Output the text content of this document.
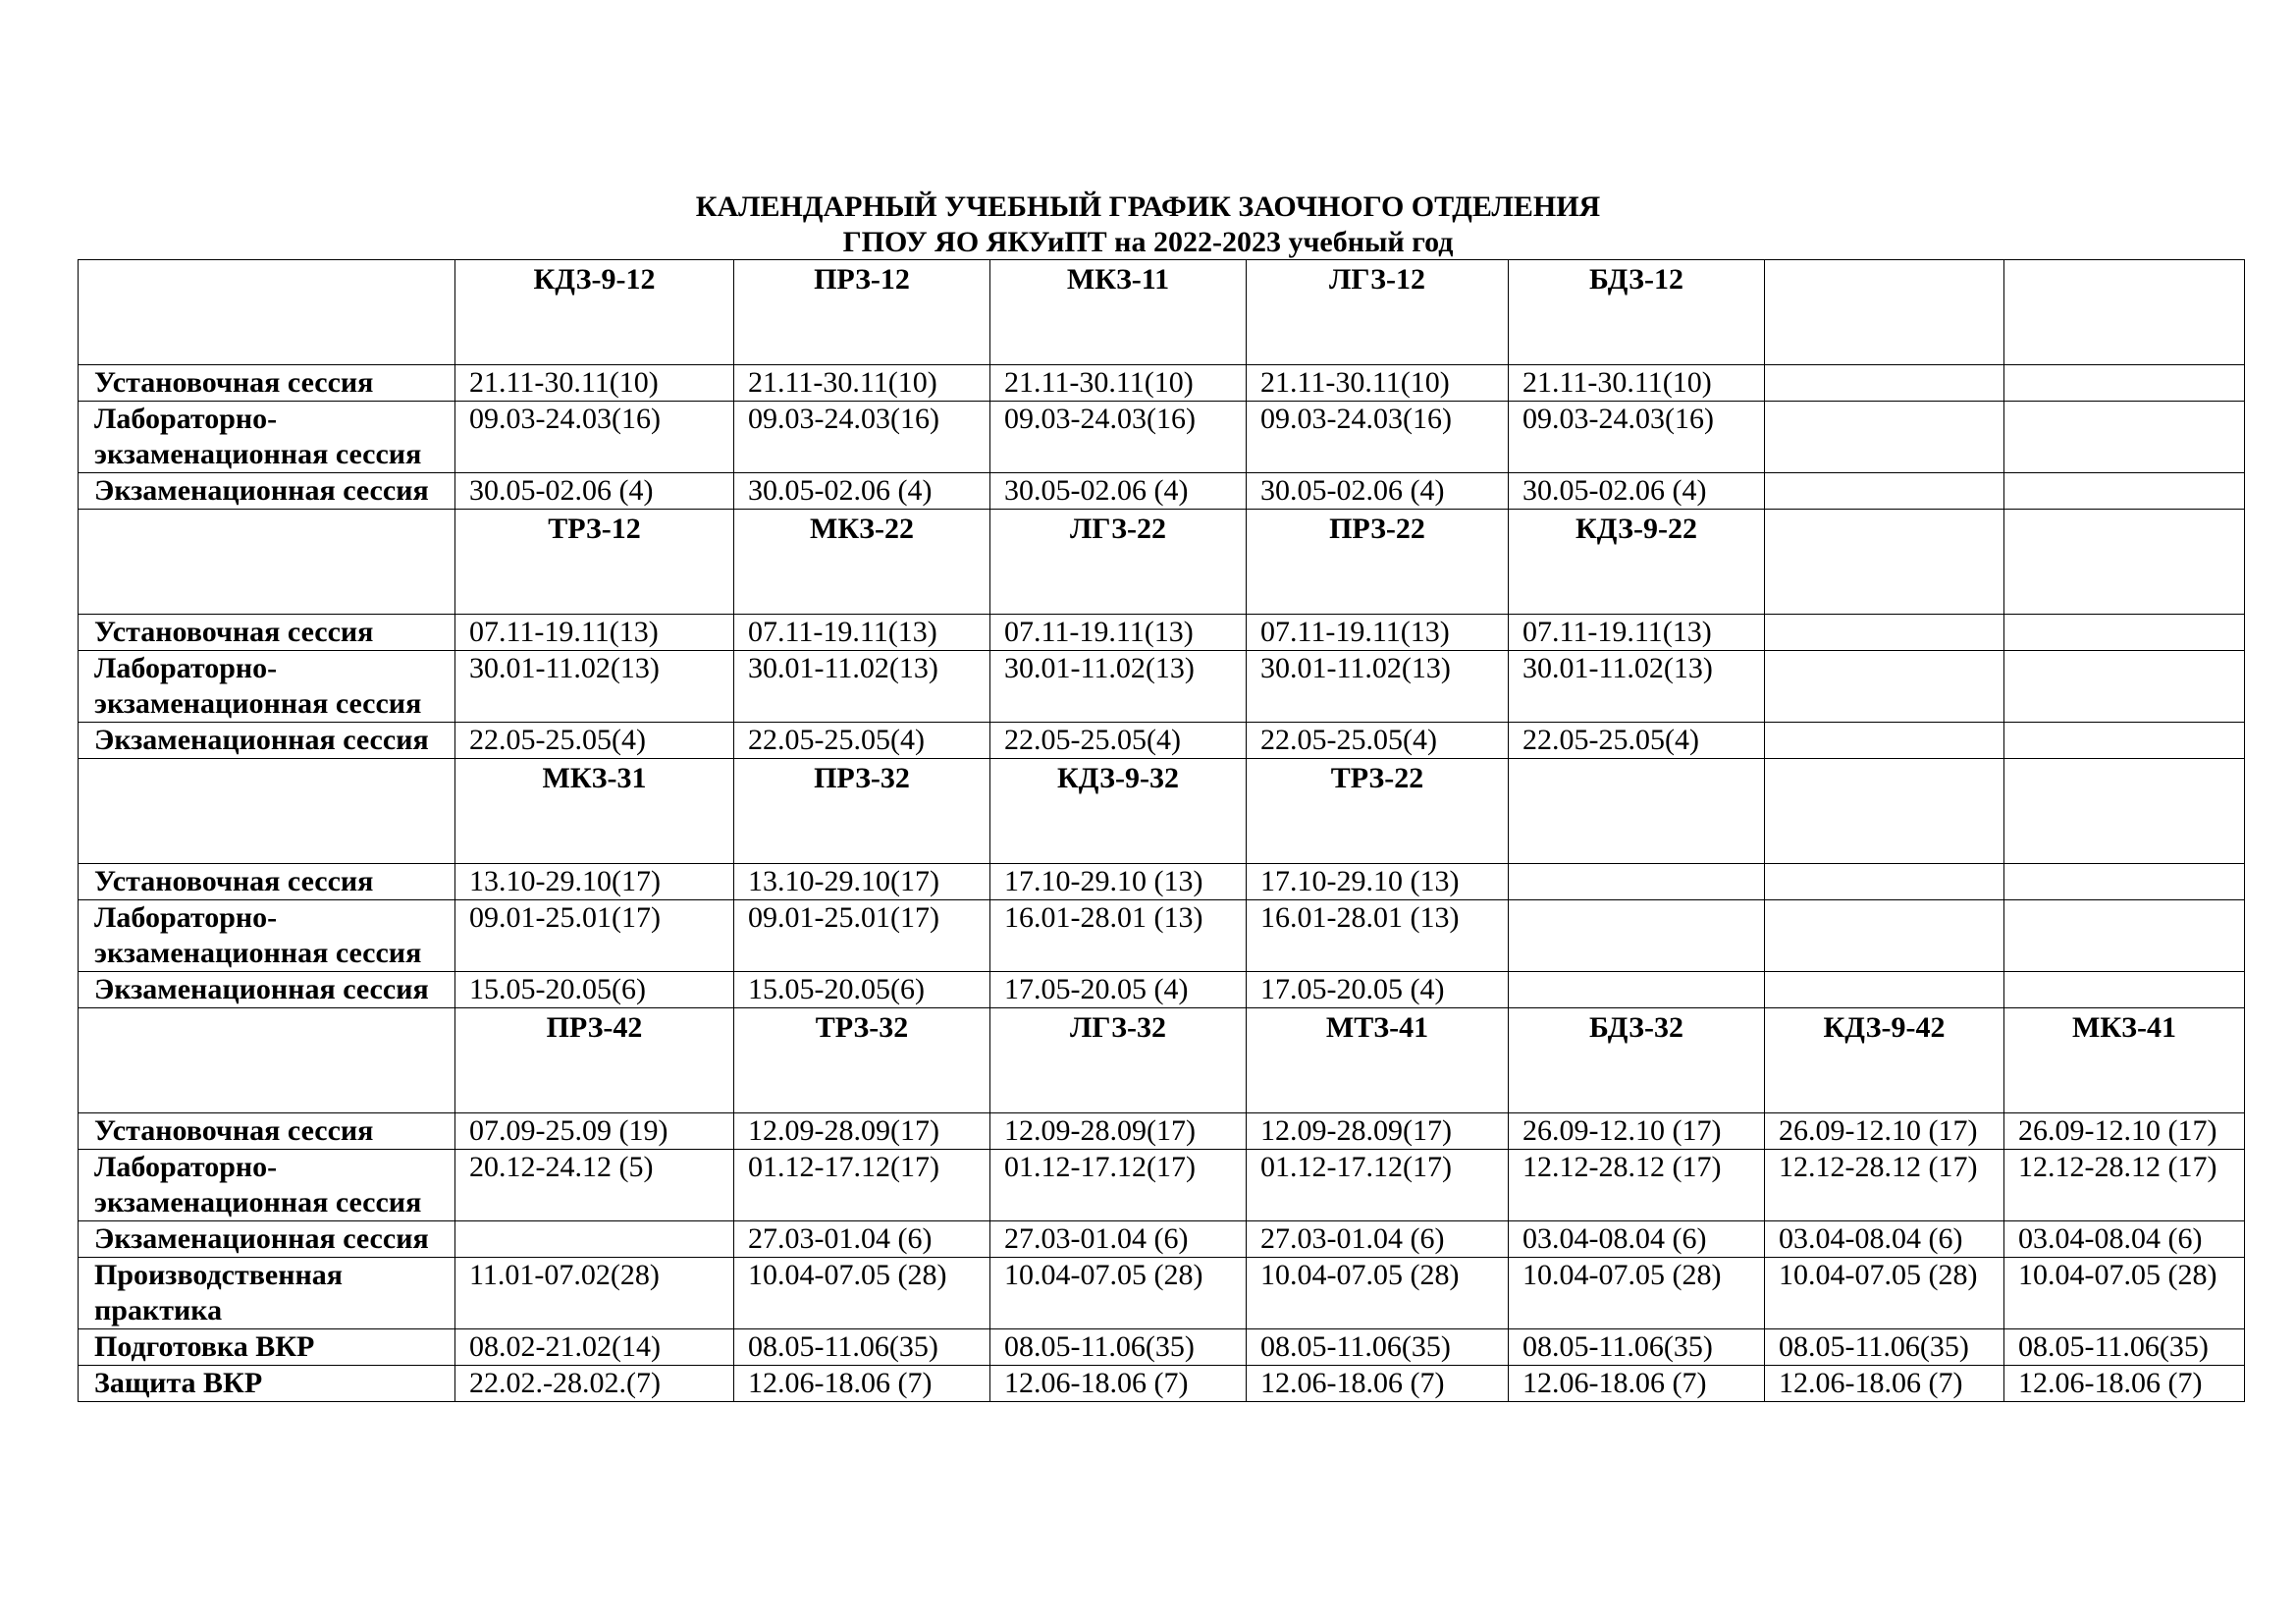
КАЛЕНДАРНЫЙ УЧЕБНЫЙ ГРАФИК ЗАОЧНОГО ОТДЕЛЕНИЯ
ГПОУ ЯО ЯКУиПТ на 2022-2023 учебный год
	КДЗ-9-12	ПРЗ-12	МКЗ-11	ЛГЗ-12	БДЗ-12		
Установочная сессия	21.11-30.11(10)	21.11-30.11(10)	21.11-30.11(10)	21.11-30.11(10)	21.11-30.11(10)		
Лабораторно-экзаменационная сессия	09.03-24.03(16)	09.03-24.03(16)	09.03-24.03(16)	09.03-24.03(16)	09.03-24.03(16)		
Экзаменационная сессия	30.05-02.06 (4)	30.05-02.06 (4)	30.05-02.06 (4)	30.05-02.06 (4)	30.05-02.06 (4)		
	ТРЗ-12	МКЗ-22	ЛГЗ-22	ПРЗ-22	КДЗ-9-22		
Установочная сессия	07.11-19.11(13)	07.11-19.11(13)	07.11-19.11(13)	07.11-19.11(13)	07.11-19.11(13)		
Лабораторно-экзаменационная сессия	30.01-11.02(13)	30.01-11.02(13)	30.01-11.02(13)	30.01-11.02(13)	30.01-11.02(13)		
Экзаменационная сессия	22.05-25.05(4)	22.05-25.05(4)	22.05-25.05(4)	22.05-25.05(4)	22.05-25.05(4)		
	МКЗ-31	ПРЗ-32	КДЗ-9-32	ТРЗ-22			
Установочная сессия	13.10-29.10(17)	13.10-29.10(17)	17.10-29.10 (13)	17.10-29.10 (13)			
Лабораторно-экзаменационная сессия	09.01-25.01(17)	09.01-25.01(17)	16.01-28.01 (13)	16.01-28.01 (13)			
Экзаменационная сессия	15.05-20.05(6)	15.05-20.05(6)	17.05-20.05 (4)	17.05-20.05 (4)			
	ПРЗ-42	ТРЗ-32	ЛГЗ-32	МТЗ-41	БДЗ-32	КДЗ-9-42	МКЗ-41
Установочная сессия	07.09-25.09 (19)	12.09-28.09(17)	12.09-28.09(17)	12.09-28.09(17)	26.09-12.10 (17)	26.09-12.10 (17)	26.09-12.10 (17)
Лабораторно-экзаменационная сессия	20.12-24.12 (5)	01.12-17.12(17)	01.12-17.12(17)	01.12-17.12(17)	12.12-28.12 (17)	12.12-28.12 (17)	12.12-28.12 (17)
Экзаменационная сессия		27.03-01.04 (6)	27.03-01.04 (6)	27.03-01.04 (6)	03.04-08.04 (6)	03.04-08.04 (6)	03.04-08.04 (6)
Производственная практика	11.01-07.02(28)	10.04-07.05 (28)	10.04-07.05 (28)	10.04-07.05 (28)	10.04-07.05 (28)	10.04-07.05 (28)	10.04-07.05 (28)
Подготовка ВКР	08.02-21.02(14)	08.05-11.06(35)	08.05-11.06(35)	08.05-11.06(35)	08.05-11.06(35)	08.05-11.06(35)	08.05-11.06(35)
Защита ВКР	22.02.-28.02.(7)	12.06-18.06 (7)	12.06-18.06 (7)	12.06-18.06 (7)	12.06-18.06 (7)	12.06-18.06 (7)	12.06-18.06 (7)
